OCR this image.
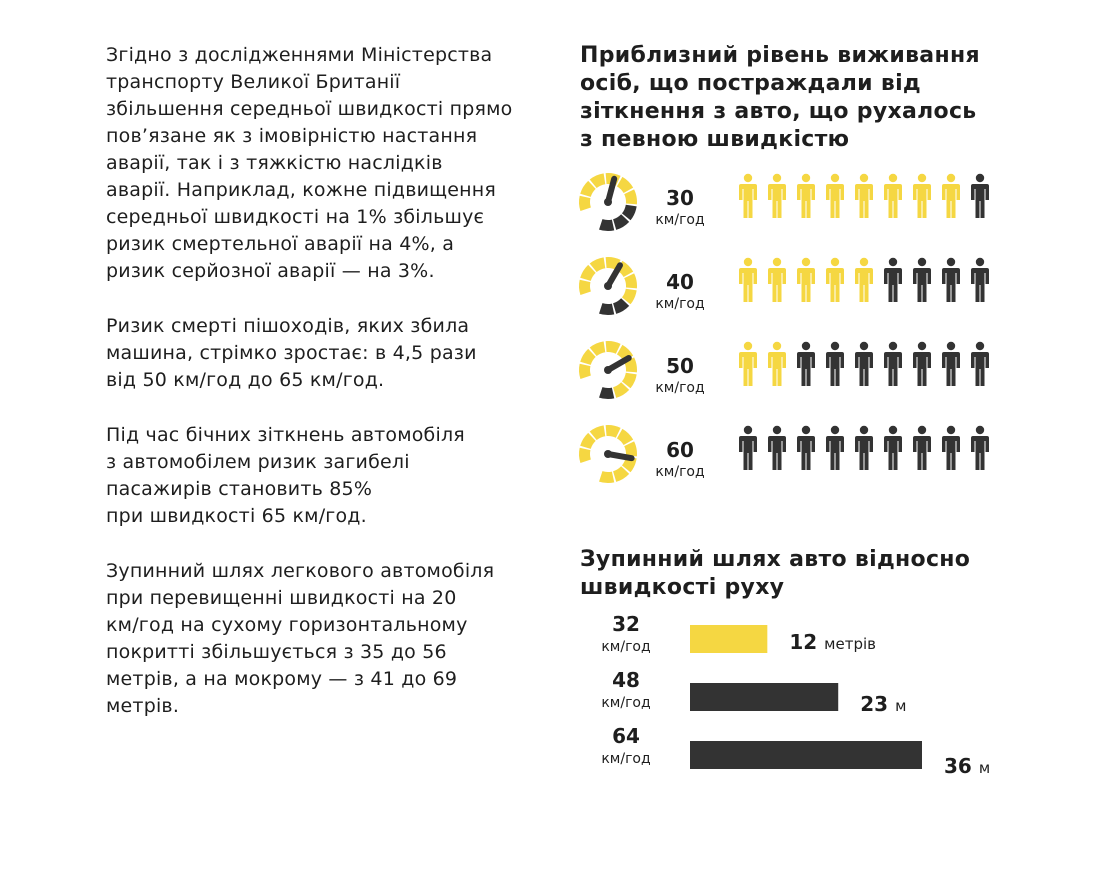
Згідно з дослідженнями Міністерства
транспорту Великої Британії
збільшення середньої швидкості прямо
пов’язане як з імовірністю настання
аварії, так і з тяжкістю наслідків
аварії. Наприклад, кожне підвищення
середньої швидкості на 1% збільшує
ризик смертельної аварії на 4%, а
ризик серйозної аварії — на 3%.

Ризик смерті пішоходів, яких збила
машина, стрімко зростає: в 4,5 рази
від 50 км/год до 65 км/год.

Під час бічних зіткнень автомобіля
з автомобілем ризик загибелі
пасажирів становить 85%
при швидкості 65 км/год.

Зупинний шлях легкового автомобіля
при перевищенні швидкості на 20
км/год на сухому горизонтальному
покритті збільшується з 35 до 56
метрів, а на мокрому — з 41 до 69
метрів.

Приблизний рівень виживання
осіб, що постраждали від
зіткнення з авто, що рухалось
з певною швидкістю
30
км/год
40
км/год
50
км/год
60
км/год
Зупинний шлях авто відносно
швидкості руху
32
км/год	12 метрів
48
км/год	23 м
64
км/год	36 м
